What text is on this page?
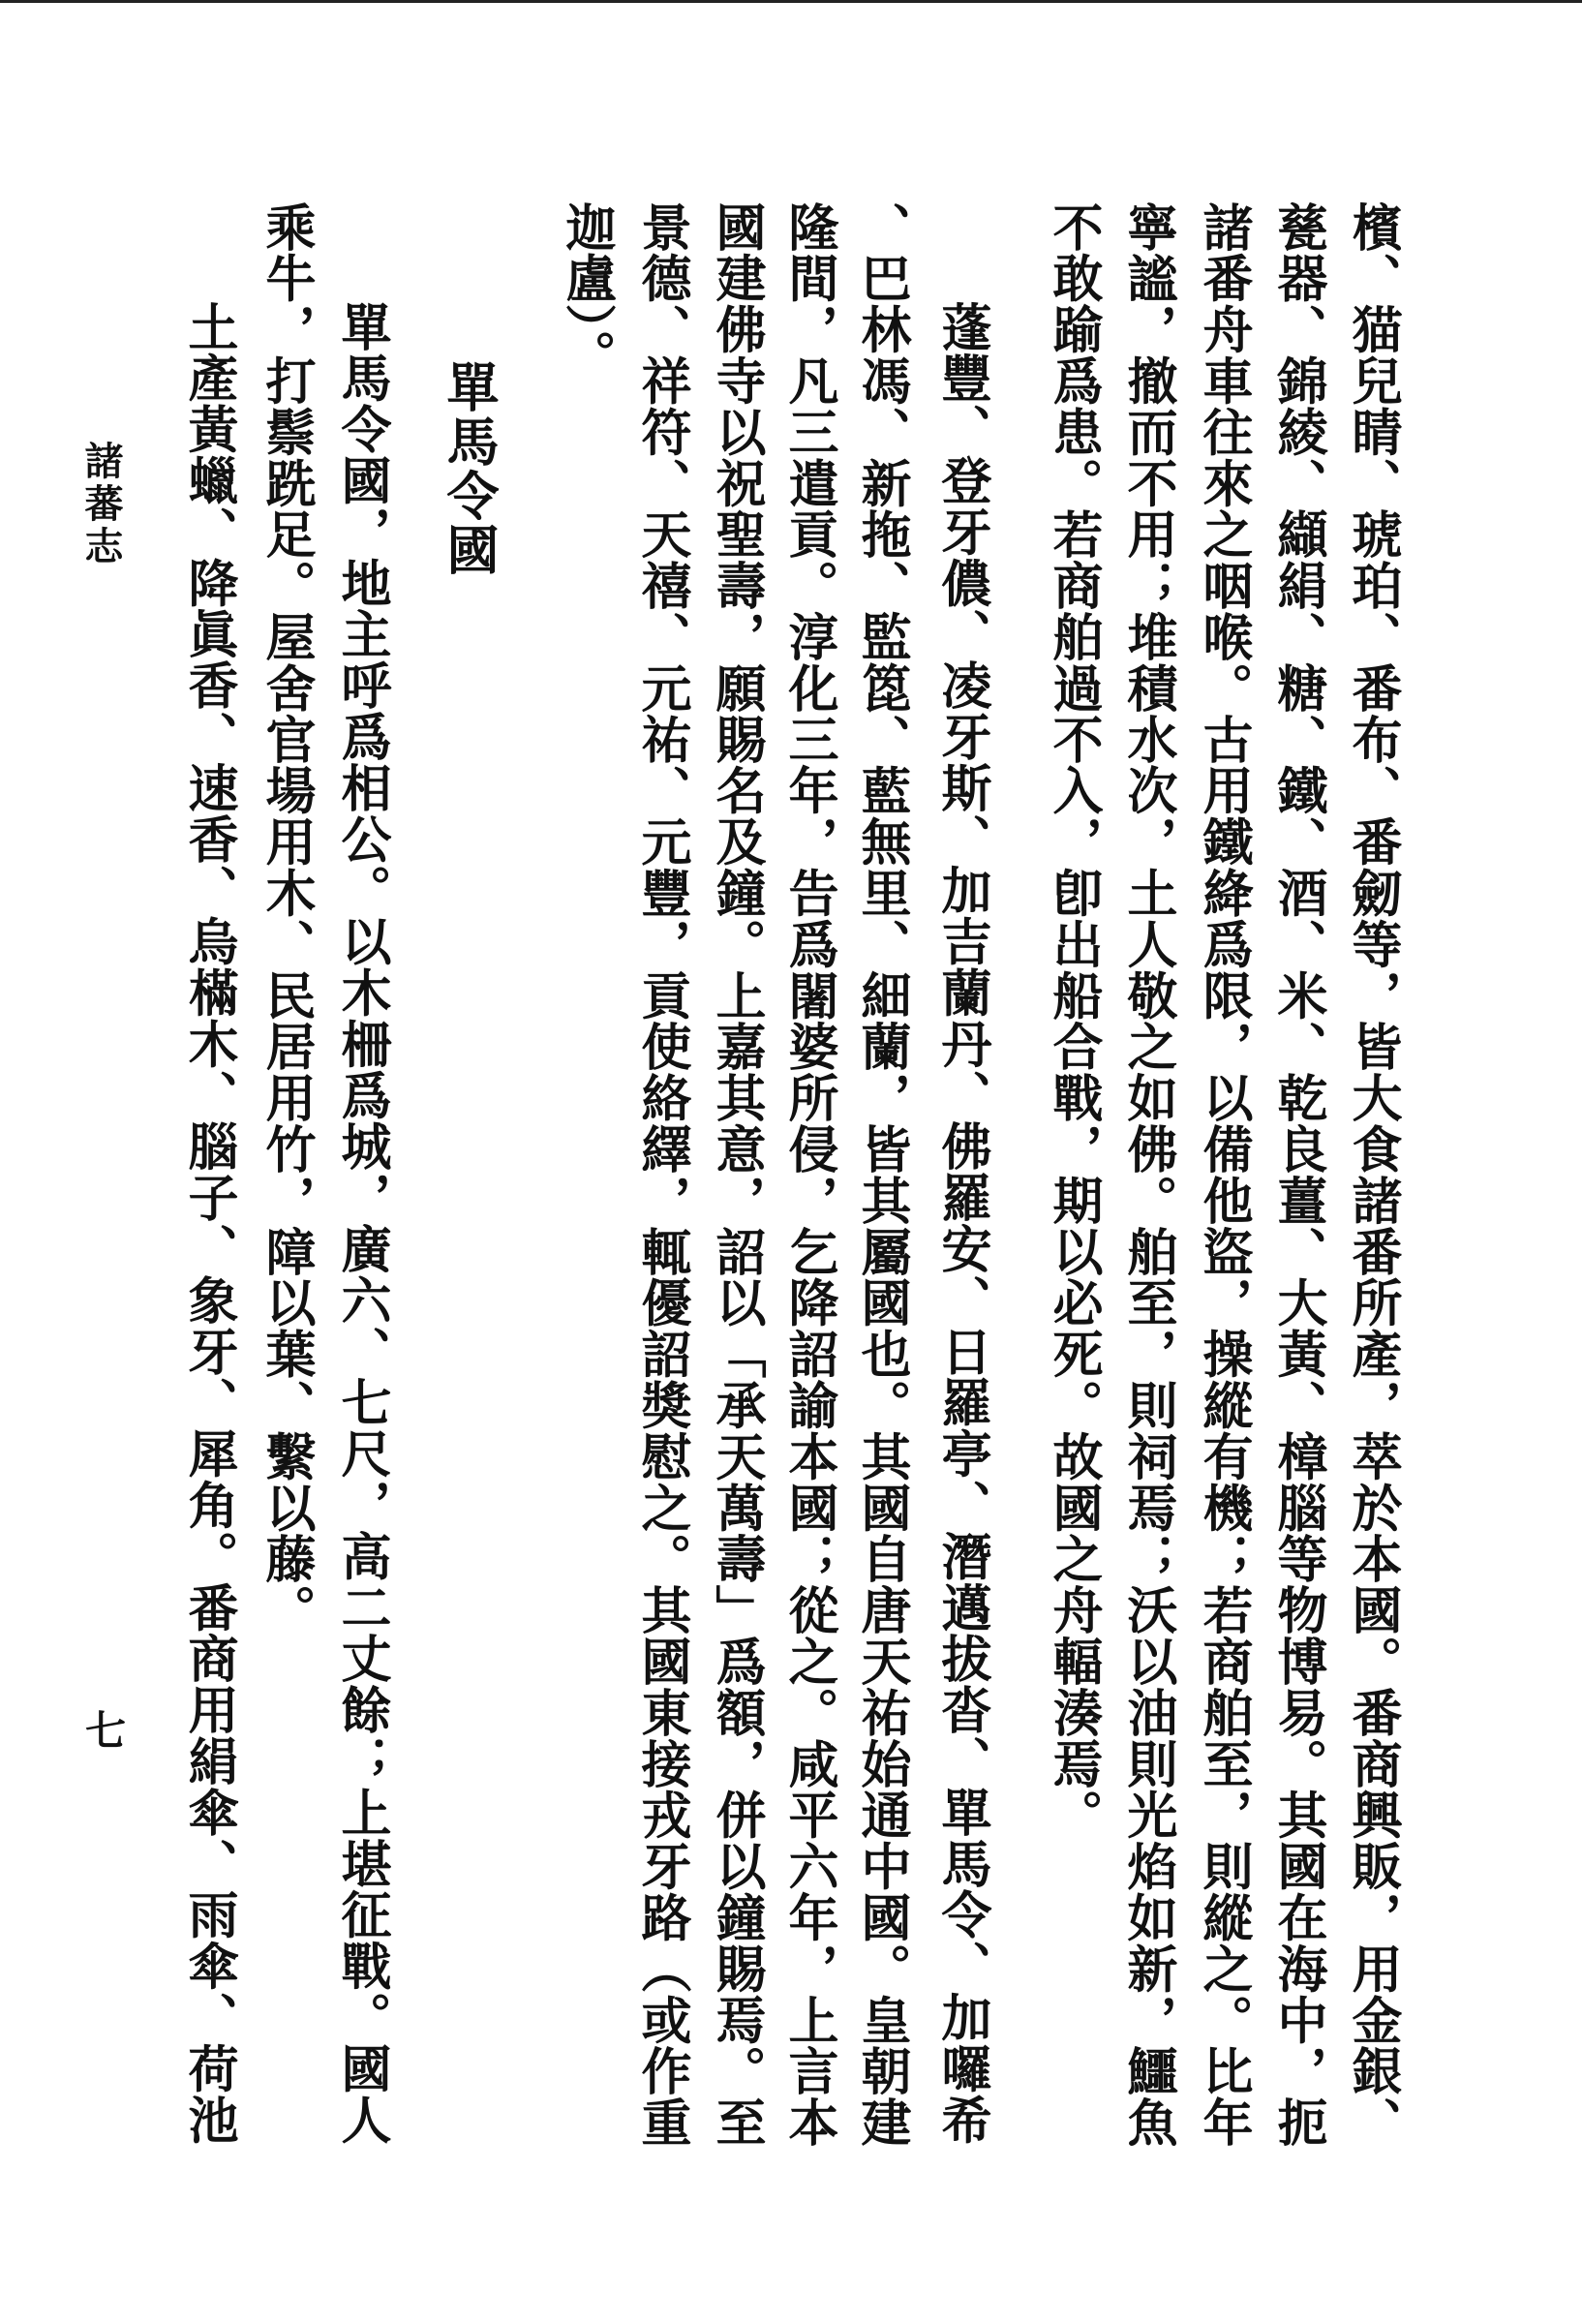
檳、猫兒睛、琥珀、番布、番劒等，皆大食諸番所產，萃於本國。番商興販，用金銀、
甆器、錦綾、纈絹、糖、鐵、酒、米、乾良薑、大黃、樟腦等物博易。其國在海中，扼
諸番舟車往來之咽喉。古用鐵絳爲限，以備他盜，操縱有機；若商舶至，則縱之。比年
寧謐，撤而不用；堆積水次，土人敬之如佛。舶至，則祠焉；沃以油則光焰如新，鱷魚
不敢踰爲患。若商舶過不入，卽出船合戰，期以必死。故國之舟輻湊焉。
蓬豐、登牙儂、凌牙斯、加吉蘭丹、佛羅安、日羅亭、潛邁拔沓、單馬令、加囉希
、巴林馮、新拖、監箆、藍無里、細蘭，皆其屬國也。其國自唐天祐始通中國。皇朝建
隆間，凡三遣貢。淳化三年，告爲闍婆所侵，乞降詔諭本國；從之。咸平六年，上言本
國建佛寺以祝聖壽，願賜名及鐘。上嘉其意，詔以「承天萬壽」爲額，併以鐘賜焉。至
景德、祥符、天禧、元祐、元豐，貢使絡繹，輒優詔獎慰之。其國東接戎牙路（或作重
迦盧）。
單馬令國
單馬令國，地主呼爲相公。以木柵爲城，廣六、七尺，高二丈餘；上堪征戰。國人
乘牛，打鬃跣足。屋舍官場用木、民居用竹，障以葉、繫以藤。
土產黃蠟、降眞香、速香、烏樠木、腦子、象牙、犀角。番商用絹傘、雨傘、荷池
諸蕃志
七
